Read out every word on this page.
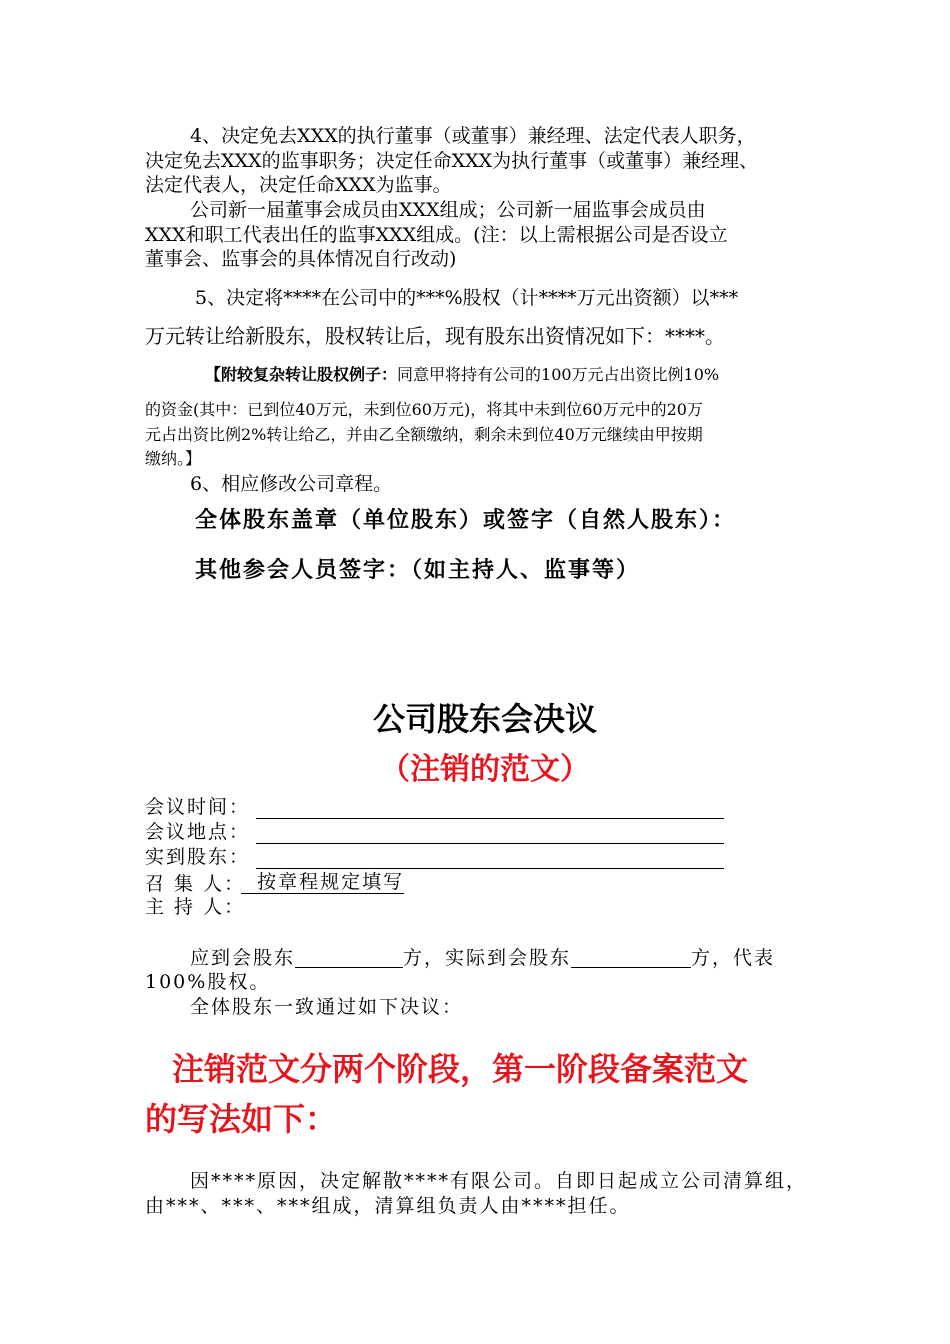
4、决定免去XXX的执行董事（或董事）兼经理、法定代表人职务，
决定免去XXX的监事职务；决定任命XXX为执行董事（或董事）兼经理、
法定代表人，决定任命XXX为监事。
公司新一届董事会成员由XXX组成；公司新一届监事会成员由
XXX和职工代表出任的监事XXX组成。(注：以上需根据公司是否设立
董事会、监事会的具体情况自行改动)
5、决定将****在公司中的***%股权（计****万元出资额）以***
万元转让给新股东，股权转让后，现有股东出资情况如下：****。
【附较复杂转让股权例子：同意甲将持有公司的100万元占出资比例10%
的资金(其中：已到位40万元，未到位60万元)，将其中未到位60万元中的20万
元占出资比例2%转让给乙，并由乙全额缴纳，剩余未到位40万元继续由甲按期
缴纳。】
6、相应修改公司章程。
全体股东盖章（单位股东）或签字（自然人股东）：
其他参会人员签字：（如主持人、监事等）
公司股东会决议
（注销的范文）
会议时间：
会议地点：
实到股东：
召 集 人：  按章程规定填写
主 持 人：
应到会股东	方，实际到会股东	方，代表
100%股权。
全体股东一致通过如下决议：
注销范文分两个阶段，第一阶段备案范文
的写法如下：
因****原因，决定解散****有限公司。自即日起成立公司清算组，
由***、***、***组成，清算组负责人由****担任。
